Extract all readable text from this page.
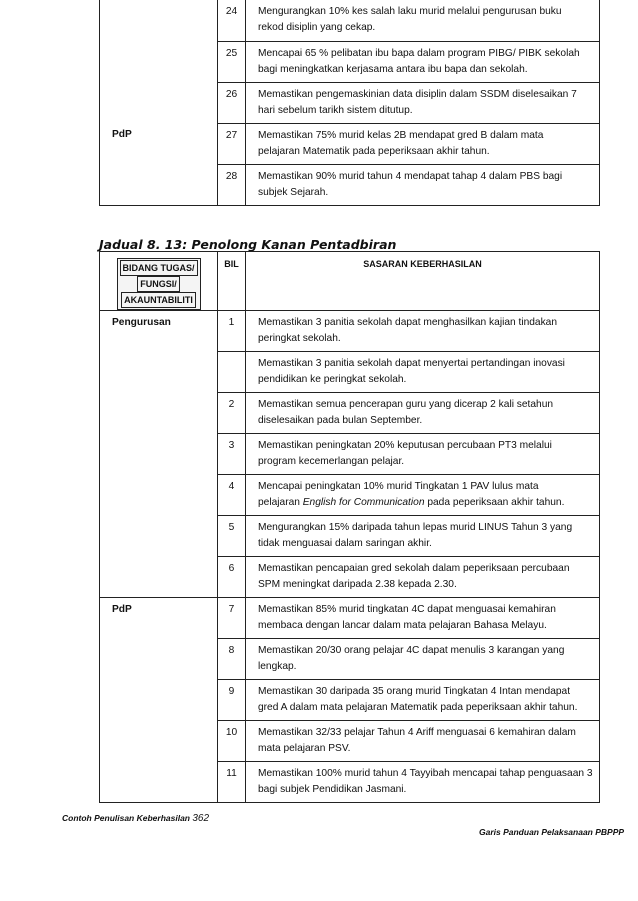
	24	Mengurangkan 10% kes salah laku murid melalui pengurusan buku
rekod disiplin yang cekap.

	25	Mencapai 65 % pelibatan ibu bapa dalam program PIBG/ PIBK sekolah
bagi meningkatkan kerjasama antara ibu bapa dan sekolah.

	26	Memastikan pengemaskinian data disiplin dalam SSDM diselesaikan 7
hari sebelum tarikh sistem ditutup.

PdP	27	Memastikan 75% murid kelas 2B mendapat gred B dalam mata
pelajaran Matematik pada peperiksaan akhir tahun.

	28	Memastikan 90% murid tahun 4 mendapat tahap 4 dalam PBS bagi
subjek Sejarah.
Jadual 8. 13: Penolong Kanan Pentadbiran
BIDANG TUGAS/
FUNGSI/
AKAUNTABILITI	BIL	SASARAN KEBERHASILAN
Pengurusan	1	Memastikan 3 panitia sekolah dapat menghasilkan kajian tindakan
peringkat sekolah.

		Memastikan 3 panitia sekolah dapat menyertai pertandingan inovasi
pendidikan ke peringkat sekolah.

	2	Memastikan semua pencerapan guru yang dicerap 2 kali setahun
diselesaikan pada bulan September.

	3	Memastikan peningkatan 20% keputusan percubaan PT3 melalui
program kecemerlangan pelajar.

	4	Mencapai peningkatan 10% murid Tingkatan 1 PAV lulus mata
pelajaran English for Communication pada peperiksaan akhir tahun.

	5	Mengurangkan 15% daripada tahun lepas murid LINUS Tahun 3 yang
tidak menguasai dalam saringan akhir.

	6	Memastikan pencapaian gred sekolah dalam peperiksaan percubaan
SPM meningkat daripada 2.38 kepada 2.30.

PdP	7	Memastikan 85% murid tingkatan 4C dapat menguasai kemahiran
membaca dengan lancar dalam mata pelajaran Bahasa Melayu.

	8	Memastikan 20/30 orang pelajar 4C dapat menulis 3 karangan yang lengkap.

	9	Memastikan 30 daripada 35 orang murid Tingkatan 4 Intan mendapat
gred A dalam mata pelajaran Matematik pada peperiksaan akhir tahun.

	10	Memastikan 32/33 pelajar Tahun 4 Ariff menguasai 6 kemahiran dalam
mata pelajaran PSV.

	11	Memastikan 100% murid tahun 4 Tayyibah mencapai tahap penguasaan 3
bagi subjek Pendidikan Jasmani.
Contoh Penulisan Keberhasilan 362
Garis Panduan Pelaksanaan PBPPP
